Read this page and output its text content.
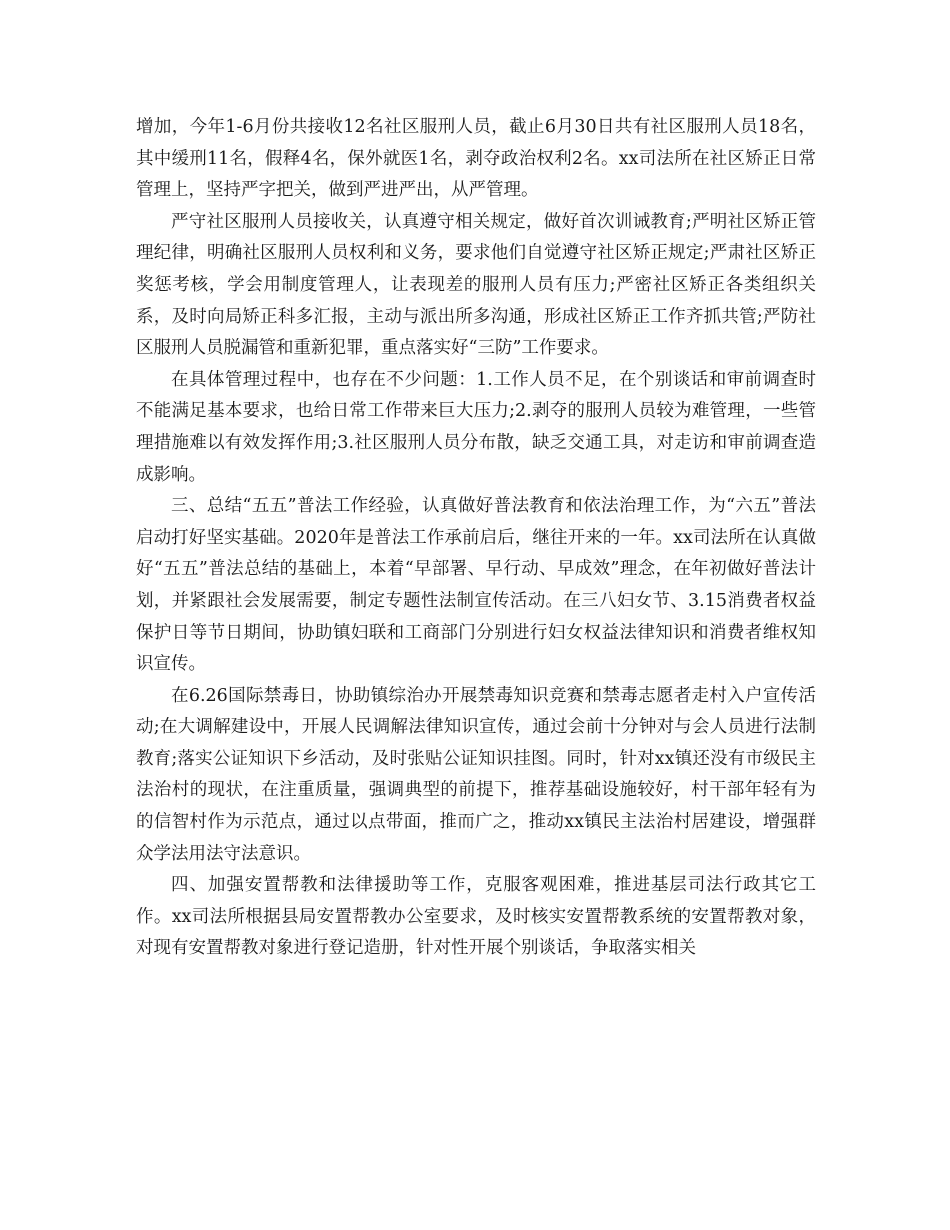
增加，今年1-6月份共接收12名社区服刑人员，截止6月30日共有社区服刑人员18名，其中缓刑11名，假释4名，保外就医1名，剥夺政治权利2名。xx司法所在社区矫正日常管理上，坚持严字把关，做到严进严出，从严管理。

严守社区服刑人员接收关，认真遵守相关规定，做好首次训诫教育;严明社区矫正管理纪律，明确社区服刑人员权利和义务，要求他们自觉遵守社区矫正规定;严肃社区矫正奖惩考核，学会用制度管理人，让表现差的服刑人员有压力;严密社区矫正各类组织关系，及时向局矫正科多汇报，主动与派出所多沟通，形成社区矫正工作齐抓共管;严防社区服刑人员脱漏管和重新犯罪，重点落实好“三防”工作要求。

在具体管理过程中，也存在不少问题：1.工作人员不足，在个别谈话和审前调查时不能满足基本要求，也给日常工作带来巨大压力;2.剥夺的服刑人员较为难管理，一些管理措施难以有效发挥作用;3.社区服刑人员分布散，缺乏交通工具，对走访和审前调查造成影响。

三、总结“五五”普法工作经验，认真做好普法教育和依法治理工作，为“六五”普法启动打好坚实基础。2020年是普法工作承前启后，继往开来的一年。xx司法所在认真做好“五五”普法总结的基础上，本着“早部署、早行动、早成效”理念，在年初做好普法计划，并紧跟社会发展需要，制定专题性法制宣传活动。在三八妇女节、3.15消费者权益保护日等节日期间，协助镇妇联和工商部门分别进行妇女权益法律知识和消费者维权知识宣传。

在6.26国际禁毒日，协助镇综治办开展禁毒知识竞赛和禁毒志愿者走村入户宣传活动;在大调解建设中，开展人民调解法律知识宣传，通过会前十分钟对与会人员进行法制教育;落实公证知识下乡活动，及时张贴公证知识挂图。同时，针对xx镇还没有市级民主法治村的现状，在注重质量，强调典型的前提下，推荐基础设施较好，村干部年轻有为的信智村作为示范点，通过以点带面，推而广之，推动xx镇民主法治村居建设，增强群众学法用法守法意识。

四、加强安置帮教和法律援助等工作，克服客观困难，推进基层司法行政其它工作。xx司法所根据县局安置帮教办公室要求，及时核实安置帮教系统的安置帮教对象，对现有安置帮教对象进行登记造册，针对性开展个别谈话，争取落实相关
